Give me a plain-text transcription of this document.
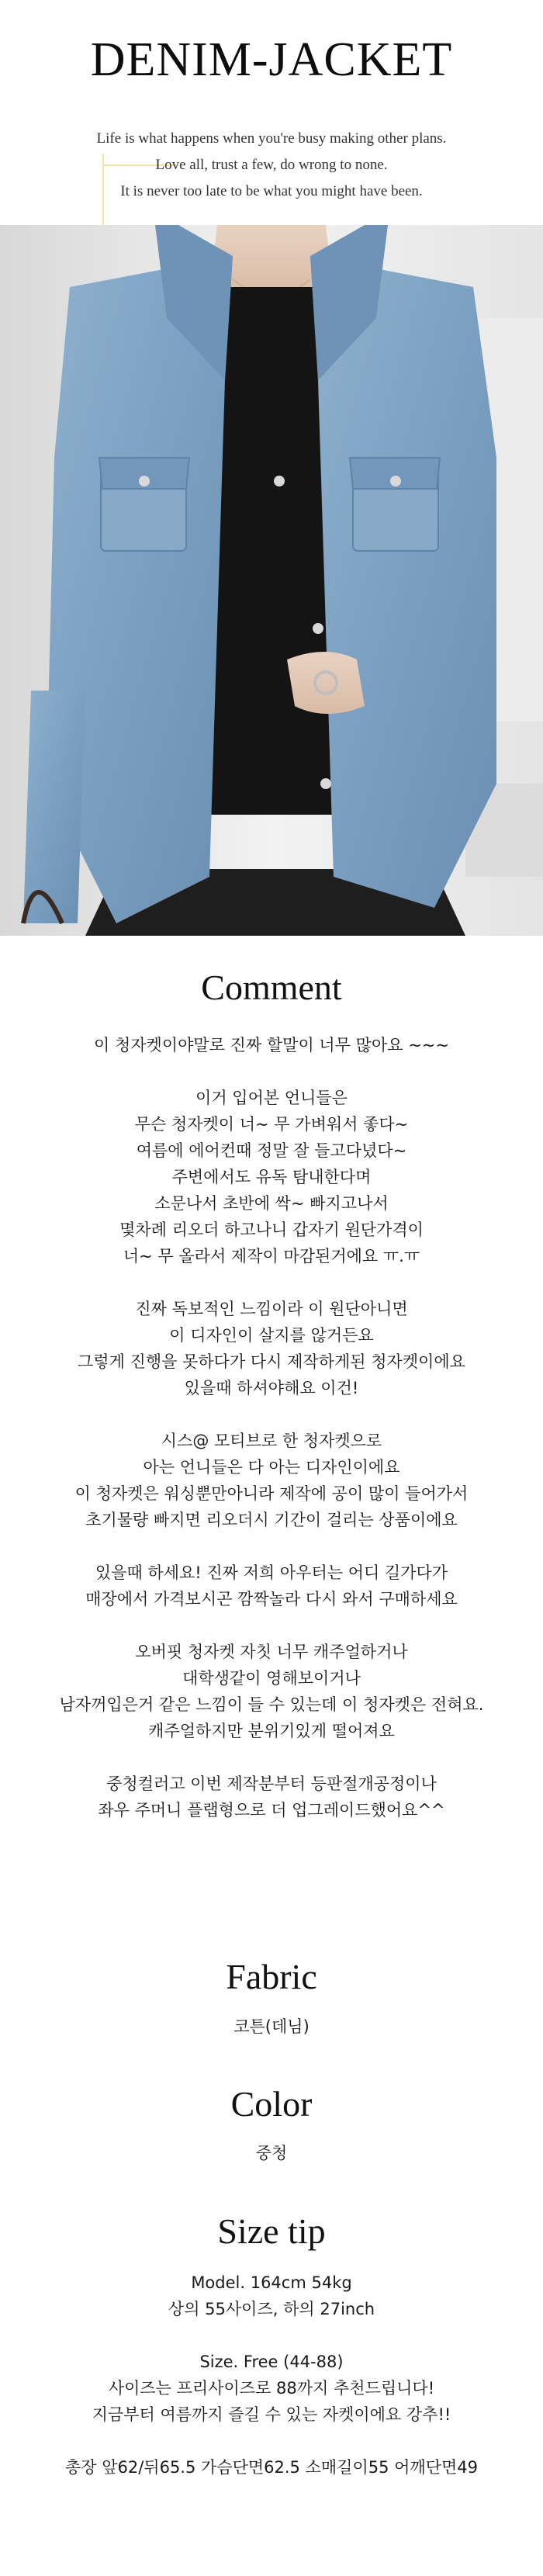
DENIM-JACKET
Life is what happens when you're busy making other plans.
Love all, trust a few, do wrong to none.
It is never too late to be what you might have been.
Comment
이 청자켓이야말로 진짜 할말이 너무 많아요 ~~~
이거 입어본 언니들은
무슨 청자켓이 너~ 무 가벼워서 좋다~
여름에 에어컨때 정말 잘 들고다녔다~
주변에서도 유독 탐내한다며
소문나서 초반에 싹~ 빠지고나서
몇차례 리오더 하고나니 갑자기 원단가격이
너~ 무 올라서 제작이 마감된거에요 ㅠ.ㅠ
진짜 독보적인 느낌이라 이 원단아니면
이 디자인이 살지를 않거든요
그렇게 진행을 못하다가 다시 제작하게된 청자켓이에요
있을때 하셔야해요 이건!
시스@ 모티브로 한 청자켓으로
아는 언니들은 다 아는 디자인이에요
이 청자켓은 워싱뿐만아니라 제작에 공이 많이 들어가서
초기물량 빠지면 리오더시 기간이 걸리는 상품이에요
있을때 하세요! 진짜 저희 아우터는 어디 길가다가
매장에서 가격보시곤 깜짝놀라 다시 와서 구매하세요
오버핏 청자켓 자칫 너무 캐주얼하거나
대학생같이 영해보이거나
남자꺼입은거 같은 느낌이 들 수 있는데 이 청자켓은 전혀요.
캐주얼하지만 분위기있게 떨어져요
중청컬러고 이번 제작분부터 등판절개공정이나
좌우 주머니 플랩형으로 더 업그레이드했어요^^
Fabric
코튼(데님)
Color
중청
Size tip
Model. 164cm 54kg
상의 55사이즈, 하의 27inch
Size. Free (44-88)
사이즈는 프리사이즈로 88까지 추천드립니다!
지금부터 여름까지 즐길 수 있는 자켓이에요 강추!!
총장 앞62/뒤65.5 가슴단면62.5 소매길이55 어깨단면49
